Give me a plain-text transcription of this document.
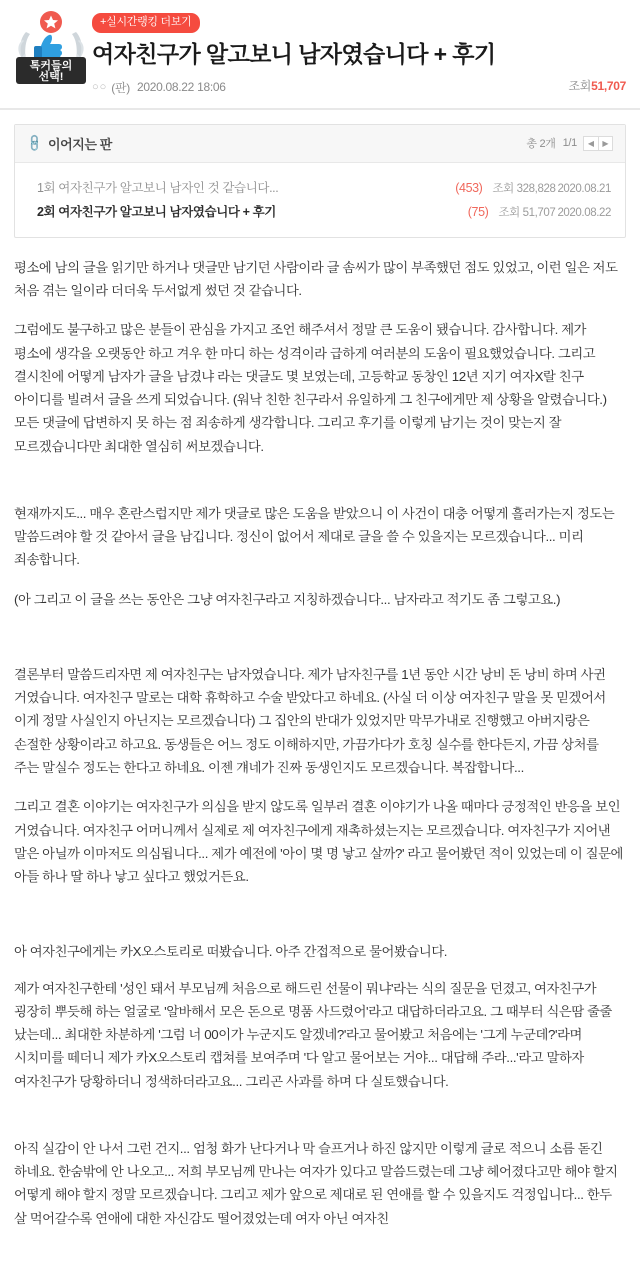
톡커들의
선택!
+실시간랭킹 더보기
여자친구가 알고보니 남자였습니다 + 후기
○○ (판) 2020.08.22 18:06	조회51,707
🔗 이어지는 판	총 2개 1/1	◀	▶
1회 여자친구가 알고보니 남자인 것 같습니다...	(453) 조회 328,828 2020.08.21
2회 여자친구가 알고보니 남자였습니다 + 후기	(75) 조회 51,707 2020.08.22

평소에 남의 글을 읽기만 하거나 댓글만 남기던 사람이라 글 솜씨가 많이 부족했던 점도 있었고, 이런 일은 저도 처음 겪는 일이라 더더욱 두서없게 썼던 것 같습니다.

그럼에도 불구하고 많은 분들이 관심을 가지고 조언 해주셔서 정말 큰 도움이 됐습니다. 감사합니다. 제가 평소에 생각을 오랫동안 하고 겨우 한 마디 하는 성격이라 급하게 여러분의 도움이 필요했었습니다. 그리고 결시친에 어떻게 남자가 글을 남겼냐 라는 댓글도 몇 보였는데, 고등학교 동창인 12년 지기 여자X랄 친구 아이디를 빌려서 글을 쓰게 되었습니다. (워낙 친한 친구라서 유일하게 그 친구에게만 제 상황을 알렸습니다.) 모든 댓글에 답변하지 못 하는 점 죄송하게 생각합니다. 그리고 후기를 이렇게 남기는 것이 맞는지 잘 모르겠습니다만 최대한 열심히 써보겠습니다.

현재까지도... 매우 혼란스럽지만 제가 댓글로 많은 도움을 받았으니 이 사건이 대충 어떻게 흘러가는지 정도는 말씀드려야 할 것 같아서 글을 남깁니다. 정신이 없어서 제대로 글을 쓸 수 있을지는 모르겠습니다... 미리 죄송합니다.

(아 그리고 이 글을 쓰는 동안은 그냥 여자친구라고 지칭하겠습니다... 남자라고 적기도 좀 그렇고요.)

결론부터 말씀드리자면 제 여자친구는 남자였습니다. 제가 남자친구를 1년 동안 시간 낭비 돈 낭비 하며 사귄 거였습니다. 여자친구 말로는 대학 휴학하고 수술 받았다고 하네요. (사실 더 이상 여자친구 말을 못 믿겠어서 이게 정말 사실인지 아닌지는 모르겠습니다) 그 집안의 반대가 있었지만 막무가내로 진행했고 아버지랑은 손절한 상황이라고 하고요. 동생들은 어느 정도 이해하지만, 가끔가다가 호칭 실수를 한다든지, 가끔 상처를 주는 말실수 정도는 한다고 하네요. 이젠 걔네가 진짜 동생인지도 모르겠습니다. 복잡합니다...

그리고 결혼 이야기는 여자친구가 의심을 받지 않도록 일부러 결혼 이야기가 나올 때마다 긍정적인 반응을 보인 거였습니다. 여자친구 어머니께서 실제로 제 여자친구에게 재촉하셨는지는 모르겠습니다. 여자친구가 지어낸 말은 아닐까 이마저도 의심됩니다... 제가 예전에 '아이 몇 명 낳고 살까?' 라고 물어봤던 적이 있었는데 이 질문에 아들 하나 딸 하나 낳고 싶다고 했었거든요.

아 여자친구에게는 카X오스토리로 떠봤습니다. 아주 간접적으로 물어봤습니다.

제가 여자친구한테 '성인 돼서 부모님께 처음으로 해드린 선물이 뭐냐'라는 식의 질문을 던졌고, 여자친구가 굉장히 뿌듯해 하는 얼굴로 '알바해서 모은 돈으로 명품 사드렸어'라고 대답하더라고요. 그 때부터 식은땀 줄줄 났는데... 최대한 차분하게 '그럼 너 00이가 누군지도 알겠네?'라고 물어봤고 처음에는 '그게 누군데?'라며 시치미를 떼더니 제가 카X오스토리 캡쳐를 보여주며 '다 알고 물어보는 거야... 대답해 주라...'라고 말하자 여자친구가 당황하더니 정색하더라고요... 그리곤 사과를 하며 다 실토했습니다.

아직 실감이 안 나서 그런 건지... 엄청 화가 난다거나 막 슬프거나 하진 않지만 이렇게 글로 적으니 소름 돋긴 하네요. 한숨밖에 안 나오고... 저희 부모님께 만나는 여자가 있다고 말씀드렸는데 그냥 헤어졌다고만 해야 할지 어떻게 해야 할지 정말 모르겠습니다. 그리고 제가 앞으로 제대로 된 연애를 할 수 있을지도 걱정입니다... 한두 살 먹어갈수록 연애에 대한 자신감도 떨어졌었는데 여자 아닌 여자친
